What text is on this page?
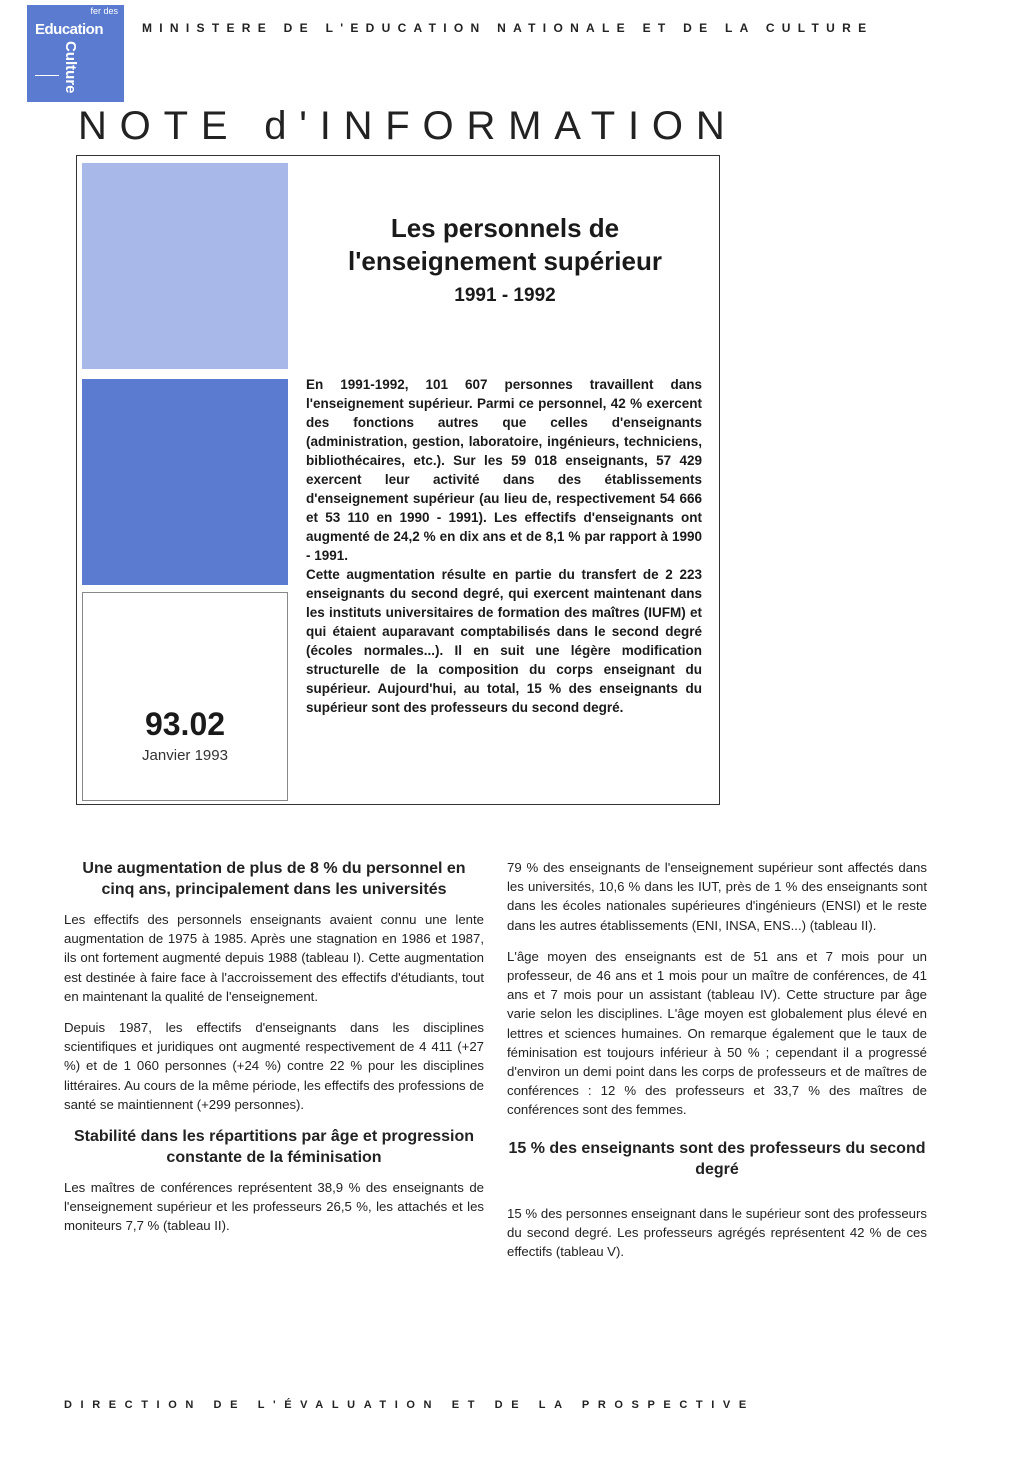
fer des
Education
Culture
MINISTERE DE L'EDUCATION NATIONALE ET DE LA CULTURE
NOTE d'INFORMATION
93.02
Janvier 1993
Les personnels de l'enseignement supérieur
1991 - 1992

En 1991-1992, 101 607 personnes travaillent dans l'enseignement supérieur. Parmi ce personnel, 42 % exercent des fonctions autres que celles d'enseignants (administration, gestion, laboratoire, ingénieurs, techniciens, bibliothécaires, etc.). Sur les 59 018 enseignants, 57 429 exercent leur activité dans des établissements d'enseignement supérieur (au lieu de, respectivement 54 666 et 53 110 en 1990 - 1991). Les effectifs d'enseignants ont augmenté de 24,2 % en dix ans et de 8,1 % par rapport à 1990 - 1991.

Cette augmentation résulte en partie du transfert de 2 223 enseignants du second degré, qui exercent maintenant dans les instituts universitaires de formation des maîtres (IUFM) et qui étaient auparavant comptabilisés dans le second degré (écoles normales...). Il en suit une légère modification structurelle de la composition du corps enseignant du supérieur. Aujourd'hui, au total, 15 % des enseignants du supérieur sont des professeurs du second degré.

Une augmentation de plus de 8 % du personnel en cinq ans, principalement dans les universités

Les effectifs des personnels enseignants avaient connu une lente augmentation de 1975 à 1985. Après une stagnation en 1986 et 1987, ils ont fortement augmenté depuis 1988 (tableau I). Cette augmentation est destinée à faire face à l'accroissement des effectifs d'étudiants, tout en maintenant la qualité de l'enseignement.

Depuis 1987, les effectifs d'enseignants dans les disciplines scientifiques et juridiques ont augmenté respectivement de 4 411 (+27 %) et de 1 060 personnes (+24 %) contre 22 % pour les disciplines littéraires. Au cours de la même période, les effectifs des professions de santé se maintiennent (+299 personnes).

Stabilité dans les répartitions par âge et progression constante de la féminisation

Les maîtres de conférences représentent 38,9 % des enseignants de l'enseignement supérieur et les professeurs 26,5 %, les attachés et les moniteurs 7,7 % (tableau II).

79 % des enseignants de l'enseignement supérieur sont affectés dans les universités, 10,6 % dans les IUT, près de 1 % des enseignants sont dans les écoles nationales supérieures d'ingénieurs (ENSI) et le reste dans les autres établissements (ENI, INSA, ENS...) (tableau II).

L'âge moyen des enseignants est de 51 ans et 7 mois pour un professeur, de 46 ans et 1 mois pour un maître de conférences, de 41 ans et 7 mois pour un assistant (tableau IV). Cette structure par âge varie selon les disciplines. L'âge moyen est globalement plus élevé en lettres et sciences humaines. On remarque également que le taux de féminisation est toujours inférieur à 50 % ; cependant il a progressé d'environ un demi point dans les corps de professeurs et de maîtres de conférences : 12 % des professeurs et 33,7 % des maîtres de conférences sont des femmes.

15 % des enseignants sont des professeurs du second degré

15 % des personnes enseignant dans le supérieur sont des professeurs du second degré. Les professeurs agrégés représentent 42 % de ces effectifs (tableau V).

DIRECTION DE L'ÉVALUATION ET DE LA PROSPECTIVE
